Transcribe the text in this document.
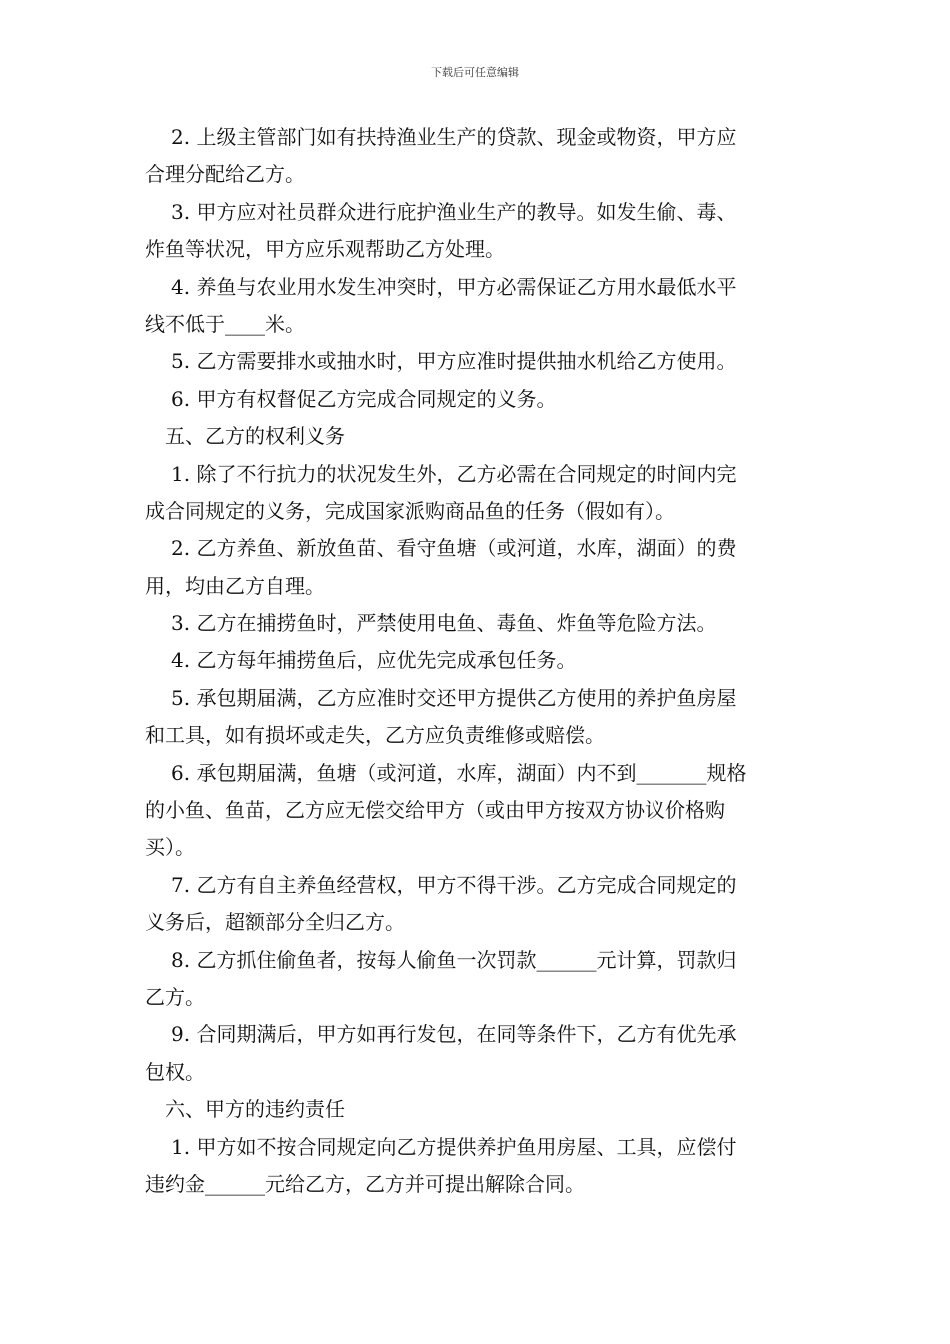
下载后可任意编辑
2. 上级主管部门如有扶持渔业生产的贷款、现金或物资，甲方应
合理分配给乙方。
3. 甲方应对社员群众进行庇护渔业生产的教导。如发生偷、毒、
炸鱼等状况，甲方应乐观帮助乙方处理。
4. 养鱼与农业用水发生冲突时，甲方必需保证乙方用水最低水平
线不低于____米。
5. 乙方需要排水或抽水时，甲方应准时提供抽水机给乙方使用。
6. 甲方有权督促乙方完成合同规定的义务。
五、乙方的权利义务
1. 除了不行抗力的状况发生外，乙方必需在合同规定的时间内完
成合同规定的义务，完成国家派购商品鱼的任务（假如有）。
2. 乙方养鱼、新放鱼苗、看守鱼塘（或河道，水库，湖面）的费
用，均由乙方自理。
3. 乙方在捕捞鱼时，严禁使用电鱼、毒鱼、炸鱼等危险方法。
4. 乙方每年捕捞鱼后，应优先完成承包任务。
5. 承包期届满，乙方应准时交还甲方提供乙方使用的养护鱼房屋
和工具，如有损坏或走失，乙方应负责维修或赔偿。
6. 承包期届满，鱼塘（或河道，水库，湖面）内不到_______规格
的小鱼、鱼苗，乙方应无偿交给甲方（或由甲方按双方协议价格购
买）。
7. 乙方有自主养鱼经营权，甲方不得干涉。乙方完成合同规定的
义务后，超额部分全归乙方。
8. 乙方抓住偷鱼者，按每人偷鱼一次罚款______元计算，罚款归
乙方。
9. 合同期满后，甲方如再行发包，在同等条件下，乙方有优先承
包权。
六、甲方的违约责任
1. 甲方如不按合同规定向乙方提供养护鱼用房屋、工具，应偿付
违约金______元给乙方，乙方并可提出解除合同。
